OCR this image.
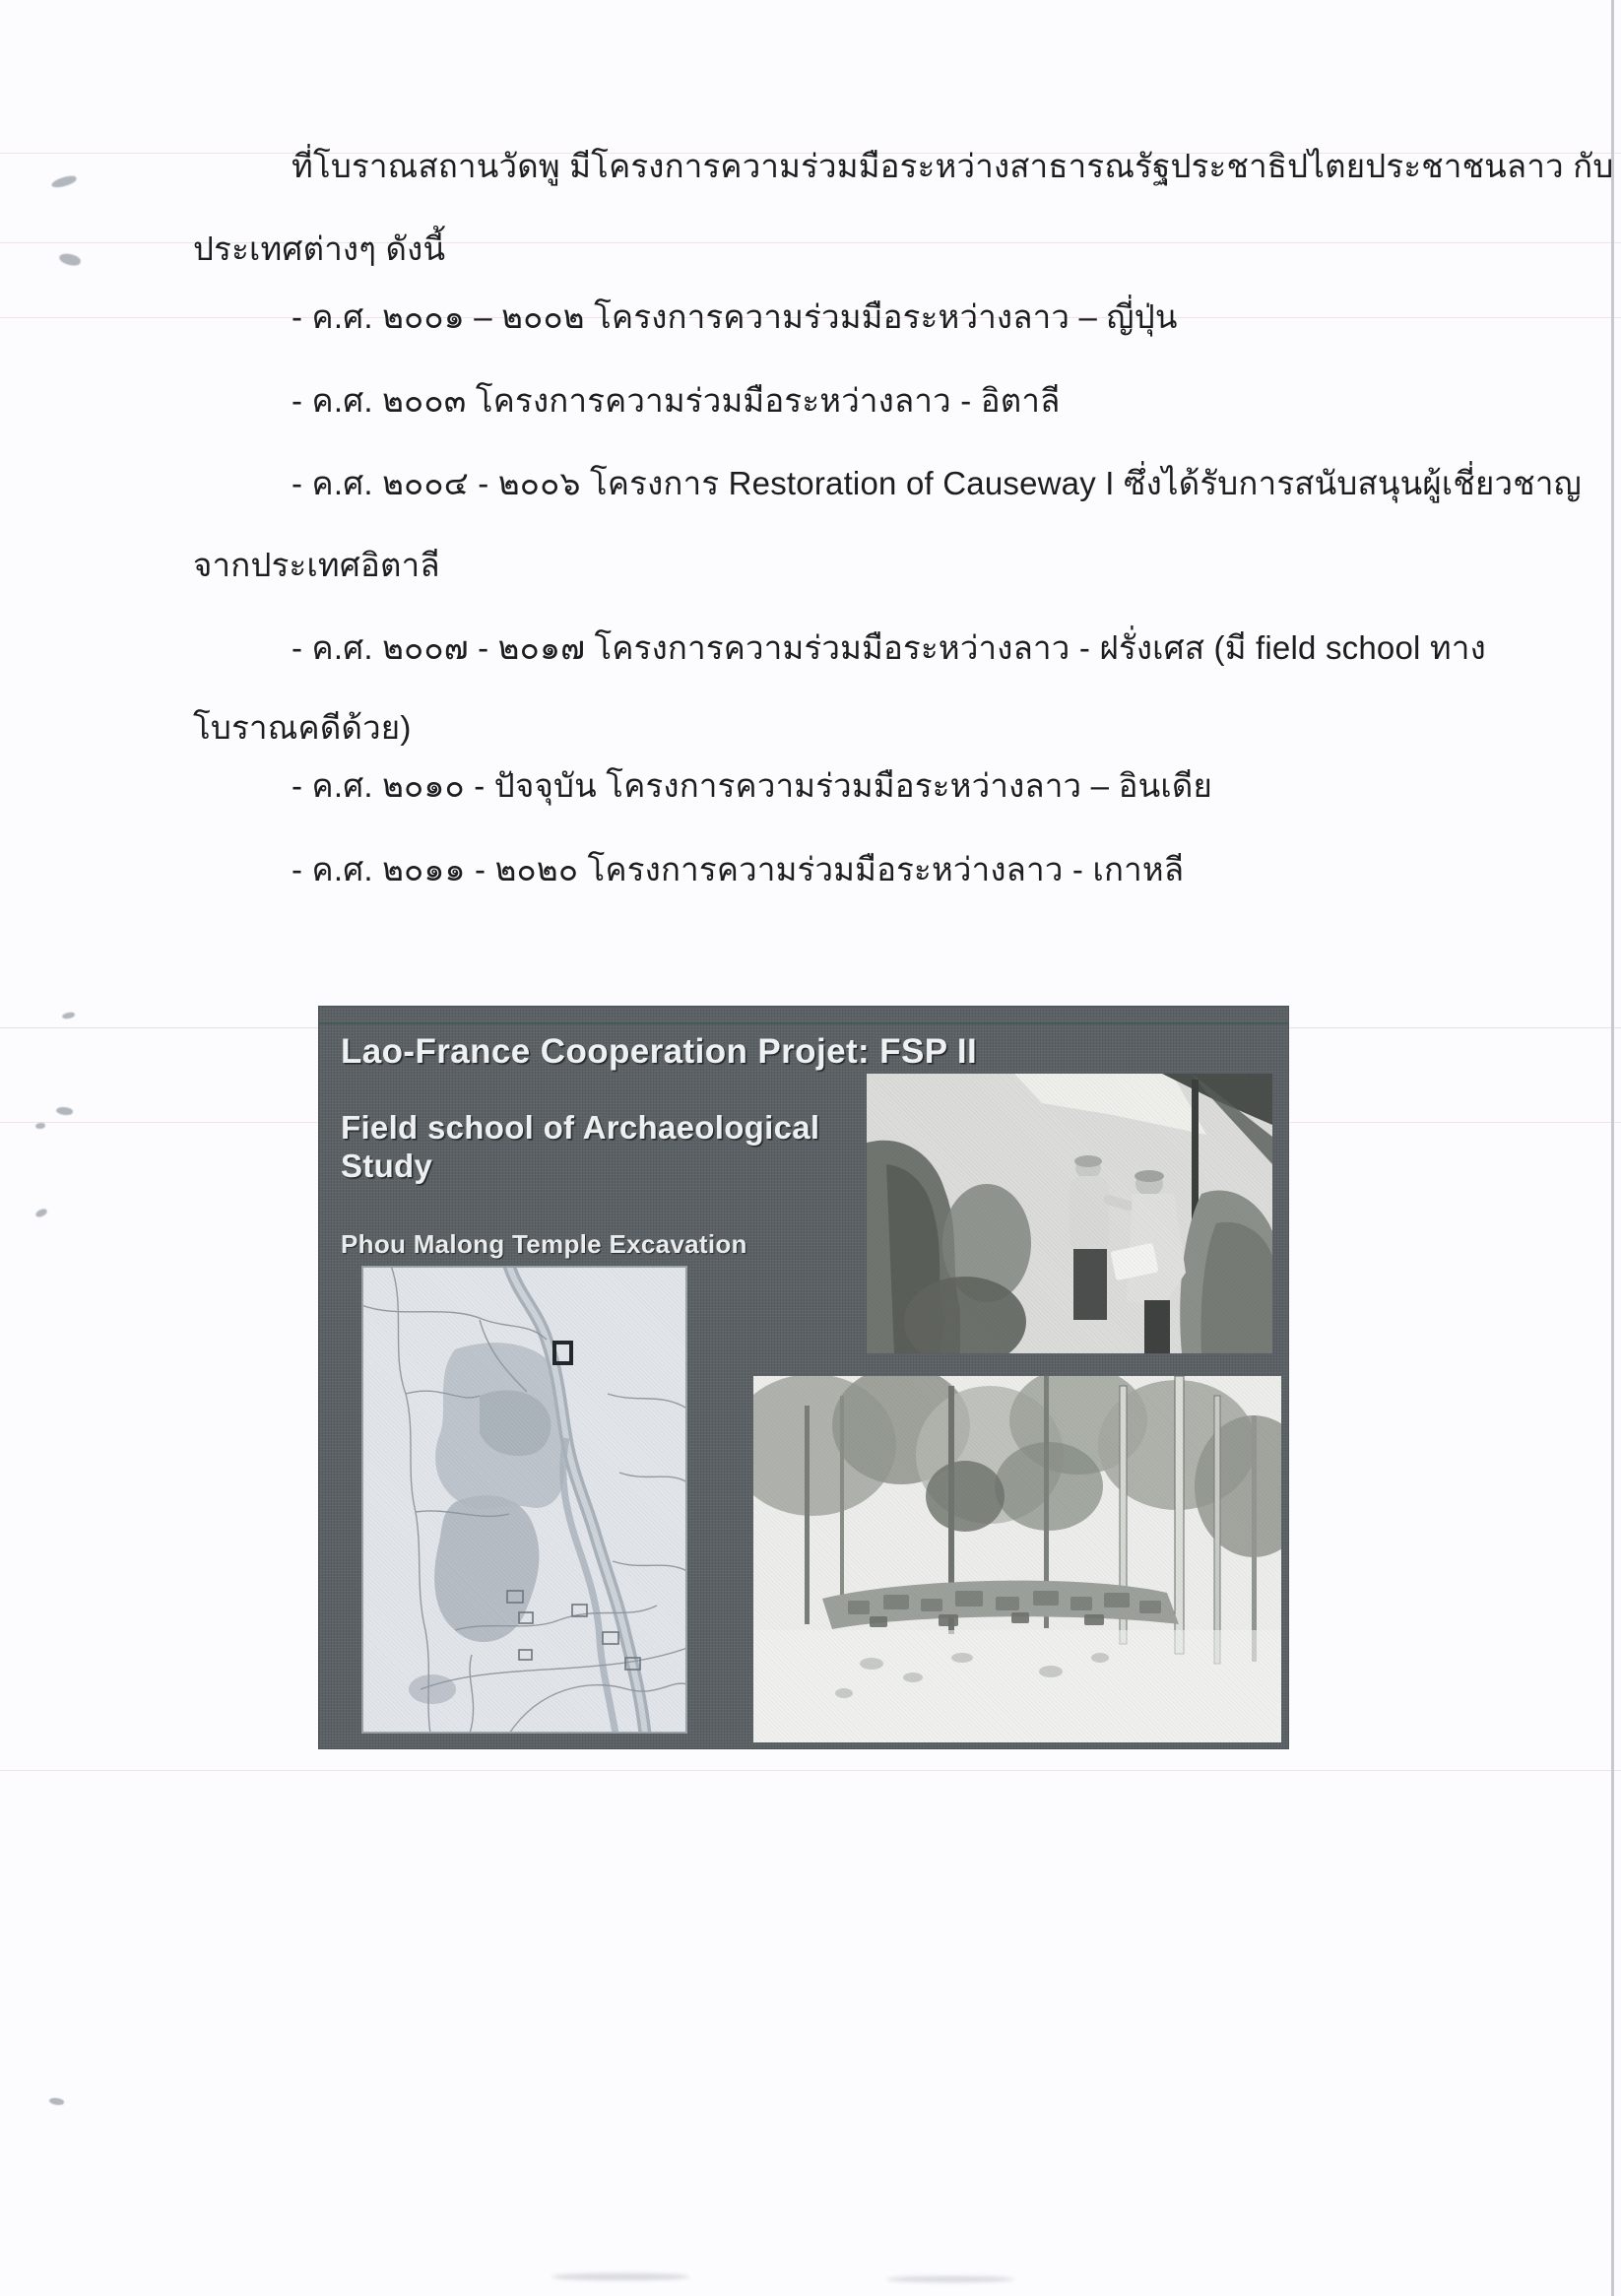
ที่โบราณสถานวัดพู มีโครงการความร่วมมือระหว่างสาธารณรัฐประชาธิปไตยประชาชนลาว กับ
ประเทศต่างๆ ดังนี้
- ค.ศ. ๒๐๐๑ – ๒๐๐๒ โครงการความร่วมมือระหว่างลาว – ญี่ปุ่น
- ค.ศ. ๒๐๐๓ โครงการความร่วมมือระหว่างลาว - อิตาลี
- ค.ศ. ๒๐๐๔ - ๒๐๐๖ โครงการ Restoration of Causeway I ซึ่งได้รับการสนับสนุนผู้เชี่ยวชาญ
จากประเทศอิตาลี
- ค.ศ. ๒๐๐๗ - ๒๐๑๗ โครงการความร่วมมือระหว่างลาว - ฝรั่งเศส (มี field school ทาง
โบราณคดีด้วย)
- ค.ศ. ๒๐๑๐ - ปัจจุบัน โครงการความร่วมมือระหว่างลาว – อินเดีย
- ค.ศ. ๒๐๑๑ - ๒๐๒๐ โครงการความร่วมมือระหว่างลาว - เกาหลี
Lao-France Cooperation Projet: FSP II
Field school of Archaeological Study
Phou Malong Temple Excavation
